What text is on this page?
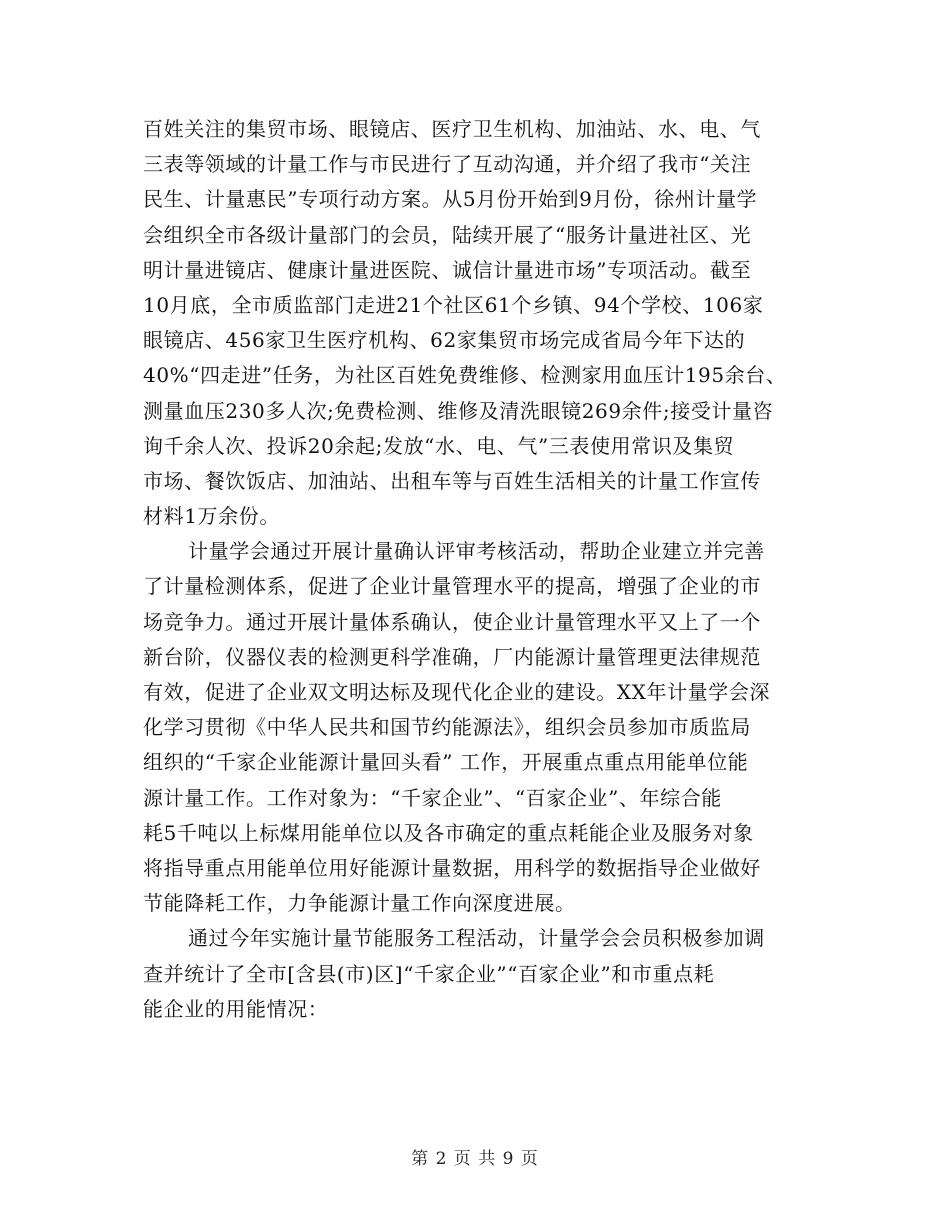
百姓关注的集贸市场、眼镜店、医疗卫生机构、加油站、水、电、气
三表等领域的计量工作与市民进行了互动沟通，并介绍了我市“关注
民生、计量惠民”专项行动方案。从5月份开始到9月份，徐州计量学
会组织全市各级计量部门的会员，陆续开展了“服务计量进社区、光
明计量进镜店、健康计量进医院、诚信计量进市场”专项活动。截至
10月底，全市质监部门走进21个社区61个乡镇、94个学校、106家
眼镜店、456家卫生医疗机构、62家集贸市场完成省局今年下达的
40%“四走进”任务，为社区百姓免费维修、检测家用血压计195余台、
测量血压230多人次;免费检测、维修及清洗眼镜269余件;接受计量咨
询千余人次、投诉20余起;发放“水、电、气”三表使用常识及集贸
市场、餐饮饭店、加油站、出租车等与百姓生活相关的计量工作宣传
材料1万余份。
计量学会通过开展计量确认评审考核活动，帮助企业建立并完善
了计量检测体系，促进了企业计量管理水平的提高，增强了企业的市
场竞争力。通过开展计量体系确认，使企业计量管理水平又上了一个
新台阶，仪器仪表的检测更科学准确，厂内能源计量管理更法律规范
有效，促进了企业双文明达标及现代化企业的建设。XX年计量学会深
化学习贯彻《中华人民共和国节约能源法》，组织会员参加市质监局
组织的“千家企业能源计量回头看” 工作，开展重点重点用能单位能
源计量工作。工作对象为：“千家企业”、“百家企业”、年综合能
耗5千吨以上标煤用能单位以及各市确定的重点耗能企业及服务对象
将指导重点用能单位用好能源计量数据，用科学的数据指导企业做好
节能降耗工作，力争能源计量工作向深度进展。
通过今年实施计量节能服务工程活动，计量学会会员积极参加调
查并统计了全市[含县(市)区]“千家企业”“百家企业”和市重点耗
能企业的用能情况：
第 2 页 共 9 页
